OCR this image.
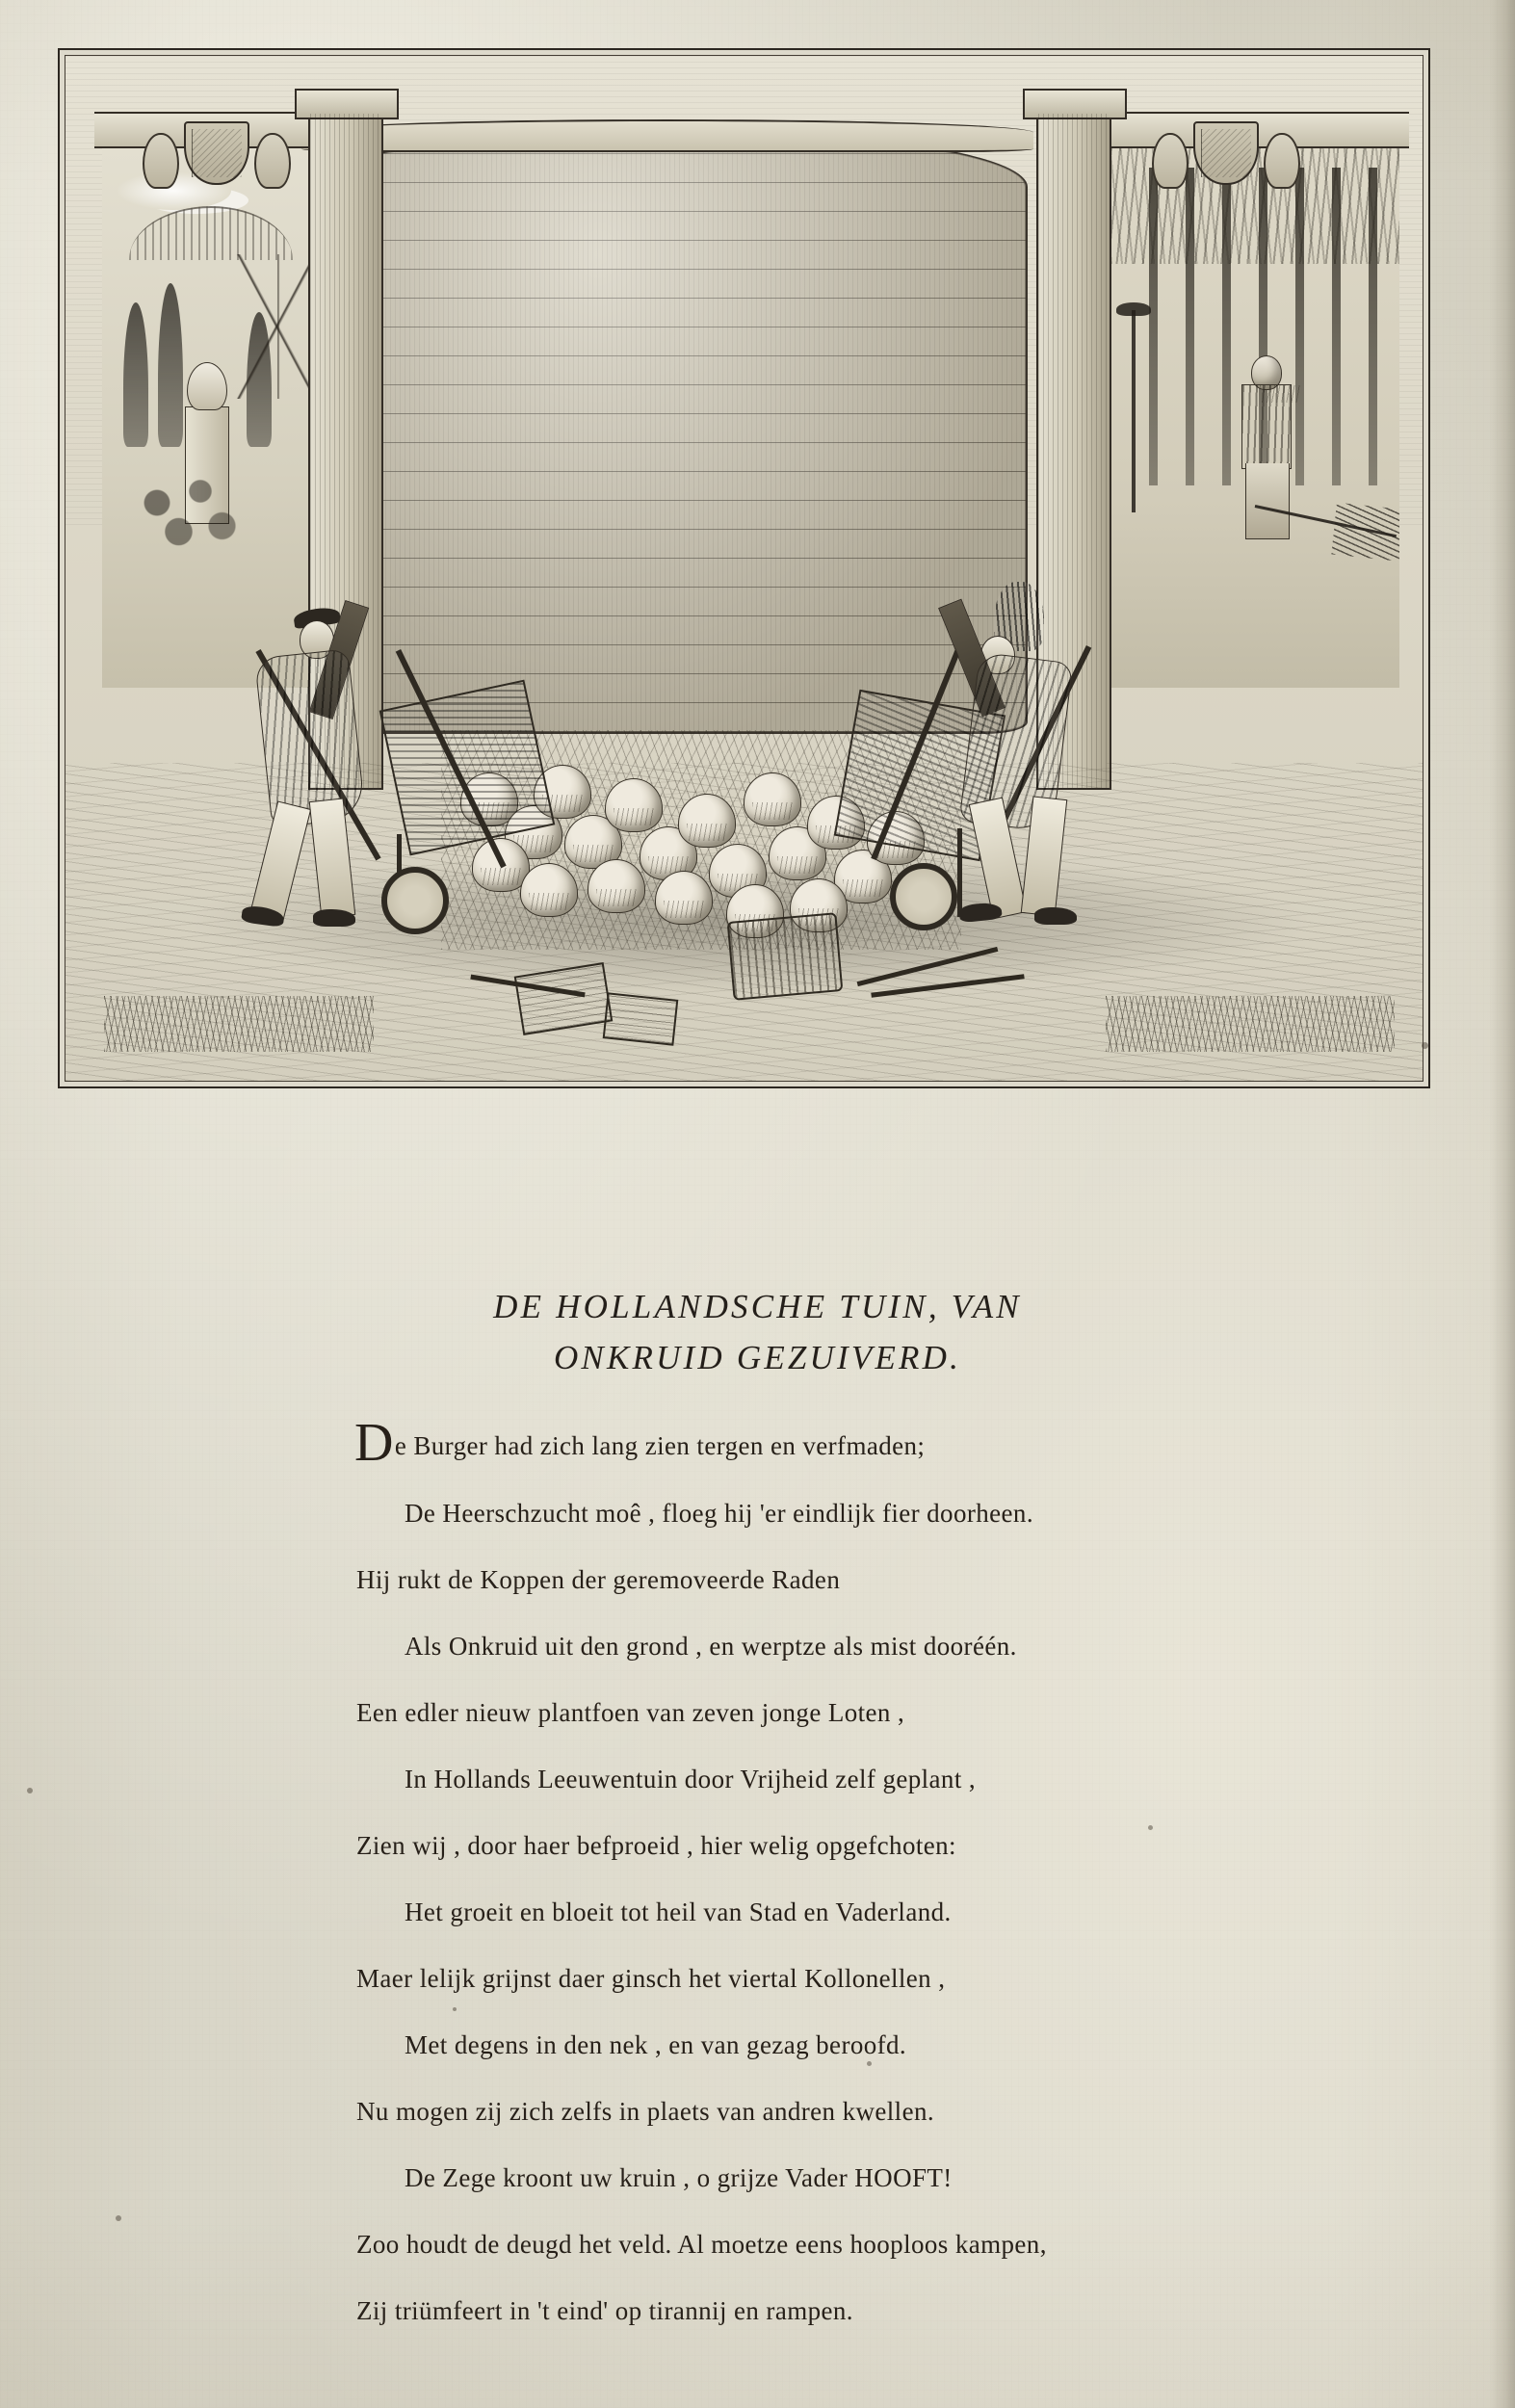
DE HOLLANDSCHE TUIN, VAN
ONKRUID GEZUIVERD.
De Burger had zich lang zien tergen en verfmaden;
De Heerschzucht moê , floeg hij 'er eindlijk fier doorheen.
Hij rukt de Koppen der geremoveerde Raden
Als Onkruid uit den grond , en werptze als mist dooréén.
Een edler nieuw plantfoen van zeven jonge Loten ,
In Hollands Leeuwentuin door Vrijheid zelf geplant ,
Zien wij , door haer befproeid , hier welig opgefchoten:
Het groeit en bloeit tot heil van Stad en Vaderland.
Maer lelijk grijnst daer ginsch het viertal Kollonellen ,
Met degens in den nek , en van gezag beroofd.
Nu mogen zij zich zelfs in plaets van andren kwellen.
De Zege kroont uw kruin , o grijze Vader HOOFT!
Zoo houdt de deugd het veld. Al moetze eens hooploos kampen,
Zij triümfeert in 't eind' op tirannij en rampen.
